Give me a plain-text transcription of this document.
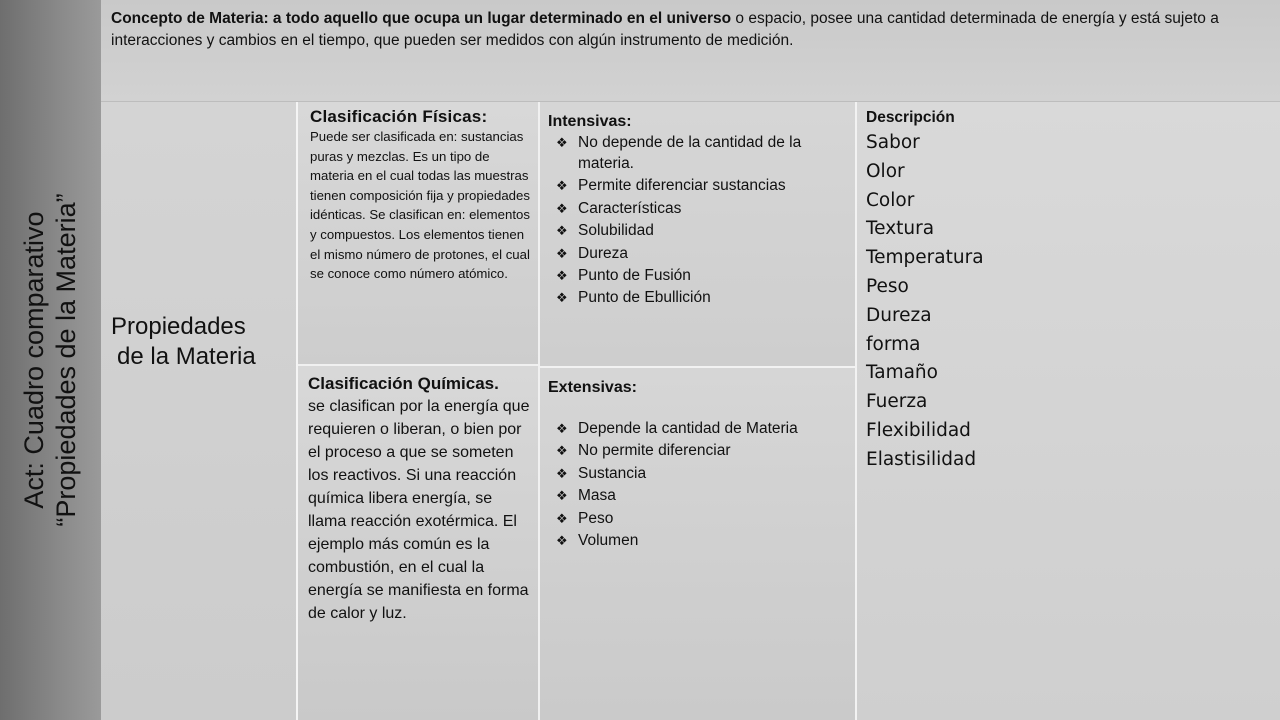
Act: Cuadro comparativo “Propiedades de la Materia”
Concepto de Materia: a todo aquello que ocupa un lugar determinado en el universo o espacio, posee una cantidad determinada de energía y está sujeto a interacciones y cambios en el tiempo, que pueden ser medidos con algún instrumento de medición.
Propiedades
de la Materia
Clasificación Físicas:
Puede ser clasificada en: sustancias puras y mezclas. Es un tipo de materia en el cual todas las muestras tienen composición fija y propiedades idénticas. Se clasifican en: elementos y compuestos. Los elementos tienen el mismo número de protones, el cual se conoce como número atómico.
Clasificación Químicas.
se clasifican por la energía que requieren o liberan, o bien por el proceso a que se someten los reactivos. Si una reacción química libera energía, se llama reacción exotérmica. El ejemplo más común es la combustión, en el cual la energía se manifiesta en forma de calor y luz.
Intensivas:
❖ No depende de la cantidad de la materia.
❖ Permite diferenciar sustancias
❖ Características
❖ Solubilidad
❖ Dureza
❖ Punto de Fusión
❖ Punto de Ebullición
Extensivas:
❖ Depende la cantidad de Materia
❖ No permite diferenciar
❖ Sustancia
❖ Masa
❖ Peso
❖ Volumen
Descripción
Sabor
Olor
Color
Textura
Temperatura
Peso
Dureza
forma
Tamaño
Fuerza
Flexibilidad
Elastisilidad
